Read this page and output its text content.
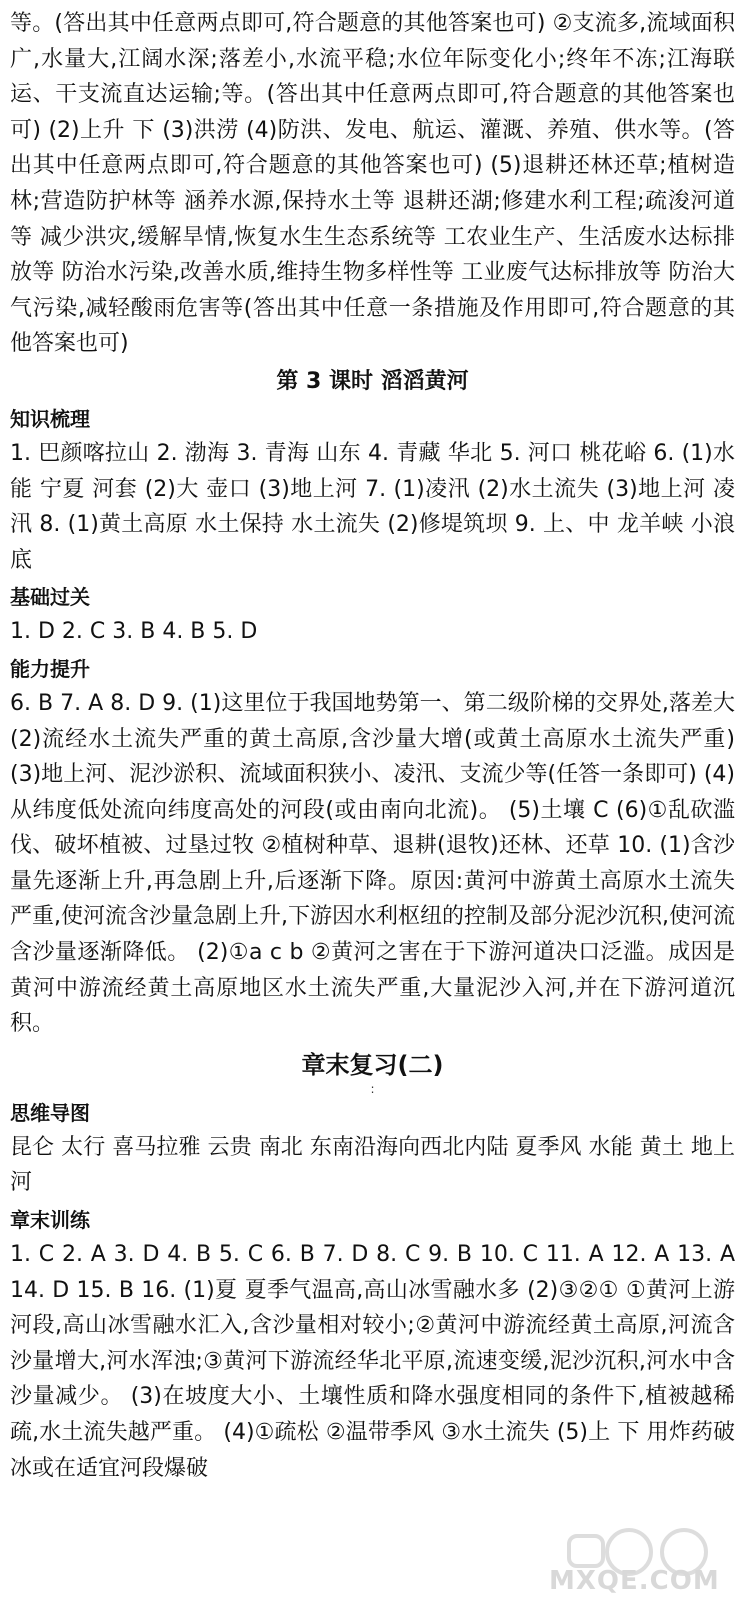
等。(答出其中任意两点即可,符合题意的其他答案也可) ②支流多,流域面积广,水量大,江阔水深;落差小,水流平稳;水位年际变化小;终年不冻;江海联运、干支流直达运输;等。(答出其中任意两点即可,符合题意的其他答案也可) (2)上升 下 (3)洪涝 (4)防洪、发电、航运、灌溉、养殖、供水等。(答出其中任意两点即可,符合题意的其他答案也可) (5)退耕还林还草;植树造林;营造防护林等 涵养水源,保持水土等 退耕还湖;修建水利工程;疏浚河道等 减少洪灾,缓解旱情,恢复水生生态系统等 工农业生产、生活废水达标排放等 防治水污染,改善水质,维持生物多样性等 工业废气达标排放等 防治大气污染,减轻酸雨危害等(答出其中任意一条措施及作用即可,符合题意的其他答案也可)

第 3 课时 滔滔黄河
知识梳理

1. 巴颜喀拉山 2. 渤海 3. 青海 山东 4. 青藏 华北 5. 河口 桃花峪 6. (1)水能 宁夏 河套 (2)大 壶口 (3)地上河 7. (1)凌汛 (2)水土流失 (3)地上河 凌汛 8. (1)黄土高原 水土保持 水土流失 (2)修堤筑坝 9. 上、中 龙羊峡 小浪底

基础过关

1. D 2. C 3. B 4. B 5. D

能力提升

6. B 7. A 8. D 9. (1)这里位于我国地势第一、第二级阶梯的交界处,落差大 (2)流经水土流失严重的黄土高原,含沙量大增(或黄土高原水土流失严重) (3)地上河、泥沙淤积、流域面积狭小、凌汛、支流少等(任答一条即可) (4)从纬度低处流向纬度高处的河段(或由南向北流)。 (5)土壤 C (6)①乱砍滥伐、破坏植被、过垦过牧 ②植树种草、退耕(退牧)还林、还草 10. (1)含沙量先逐渐上升,再急剧上升,后逐渐下降。原因:黄河中游黄土高原水土流失严重,使河流含沙量急剧上升,下游因水利枢纽的控制及部分泥沙沉积,使河流含沙量逐渐降低。 (2)①a c b ②黄河之害在于下游河道决口泛滥。成因是黄河中游流经黄土高原地区水土流失严重,大量泥沙入河,并在下游河道沉积。

章末复习(二)
:
思维导图

昆仑 太行 喜马拉雅 云贵 南北 东南沿海向西北内陆 夏季风 水能 黄土 地上河

章末训练

1. C 2. A 3. D 4. B 5. C 6. B 7. D 8. C 9. B 10. C 11. A 12. A 13. A 14. D 15. B 16. (1)夏 夏季气温高,高山冰雪融水多 (2)③②① ①黄河上游河段,高山冰雪融水汇入,含沙量相对较小;②黄河中游流经黄土高原,河流含沙量增大,河水浑浊;③黄河下游流经华北平原,流速变缓,泥沙沉积,河水中含沙量减少。 (3)在坡度大小、土壤性质和降水强度相同的条件下,植被越稀疏,水土流失越严重。 (4)①疏松 ②温带季风 ③水土流失 (5)上 下 用炸药破冰或在适宜河段爆破

MXQE.COM
